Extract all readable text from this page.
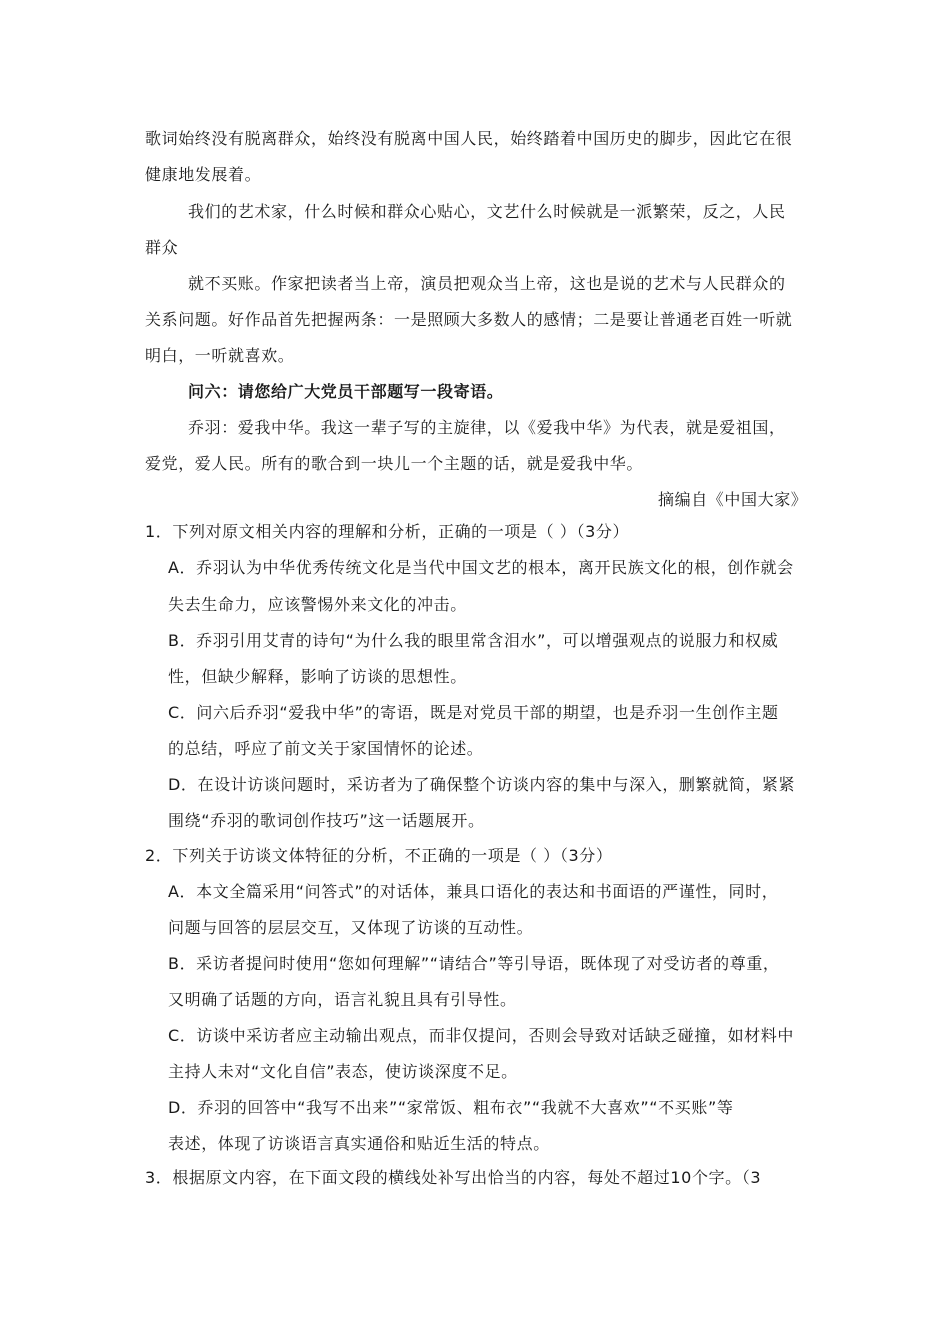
歌词始终没有脱离群众，始终没有脱离中国人民，始终踏着中国历史的脚步，因此它在很
健康地发展着。
我们的艺术家，什么时候和群众心贴心，文艺什么时候就是一派繁荣，反之，人民
群众
就不买账。作家把读者当上帝，演员把观众当上帝，这也是说的艺术与人民群众的
关系问题。好作品首先把握两条：一是照顾大多数人的感情；二是要让普通老百姓一听就
明白，一听就喜欢。
问六：请您给广大党员干部题写一段寄语。
乔羽：爱我中华。我这一辈子写的主旋律，以《爱我中华》为代表，就是爱祖国，
爱党，爱人民。所有的歌合到一块儿一个主题的话，就是爱我中华。
摘编自《中国大家》
1．下列对原文相关内容的理解和分析，正确的一项是（ ）（3分）
A．乔羽认为中华优秀传统文化是当代中国文艺的根本，离开民族文化的根，创作就会
失去生命力，应该警惕外来文化的冲击。
B．乔羽引用艾青的诗句“为什么我的眼里常含泪水”，可以增强观点的说服力和权威
性，但缺少解释，影响了访谈的思想性。
C．问六后乔羽“爱我中华”的寄语，既是对党员干部的期望，也是乔羽一生创作主题
的总结，呼应了前文关于家国情怀的论述。
D．在设计访谈问题时，采访者为了确保整个访谈内容的集中与深入，删繁就简，紧紧
围绕“乔羽的歌词创作技巧”这一话题展开。
2．下列关于访谈文体特征的分析，不正确的一项是（ ）（3分）
A．本文全篇采用“问答式”的对话体，兼具口语化的表达和书面语的严谨性，同时，
问题与回答的层层交互，又体现了访谈的互动性。
B．采访者提问时使用“您如何理解”“请结合”等引导语，既体现了对受访者的尊重，
又明确了话题的方向，语言礼貌且具有引导性。
C．访谈中采访者应主动输出观点，而非仅提问，否则会导致对话缺乏碰撞，如材料中
主持人未对“文化自信”表态，使访谈深度不足。
D．乔羽的回答中“我写不出来”“家常饭、粗布衣”“我就不大喜欢”“不买账”等
表述，体现了访谈语言真实通俗和贴近生活的特点。
3．根据原文内容，在下面文段的横线处补写出恰当的内容，每处不超过10个字。（3
